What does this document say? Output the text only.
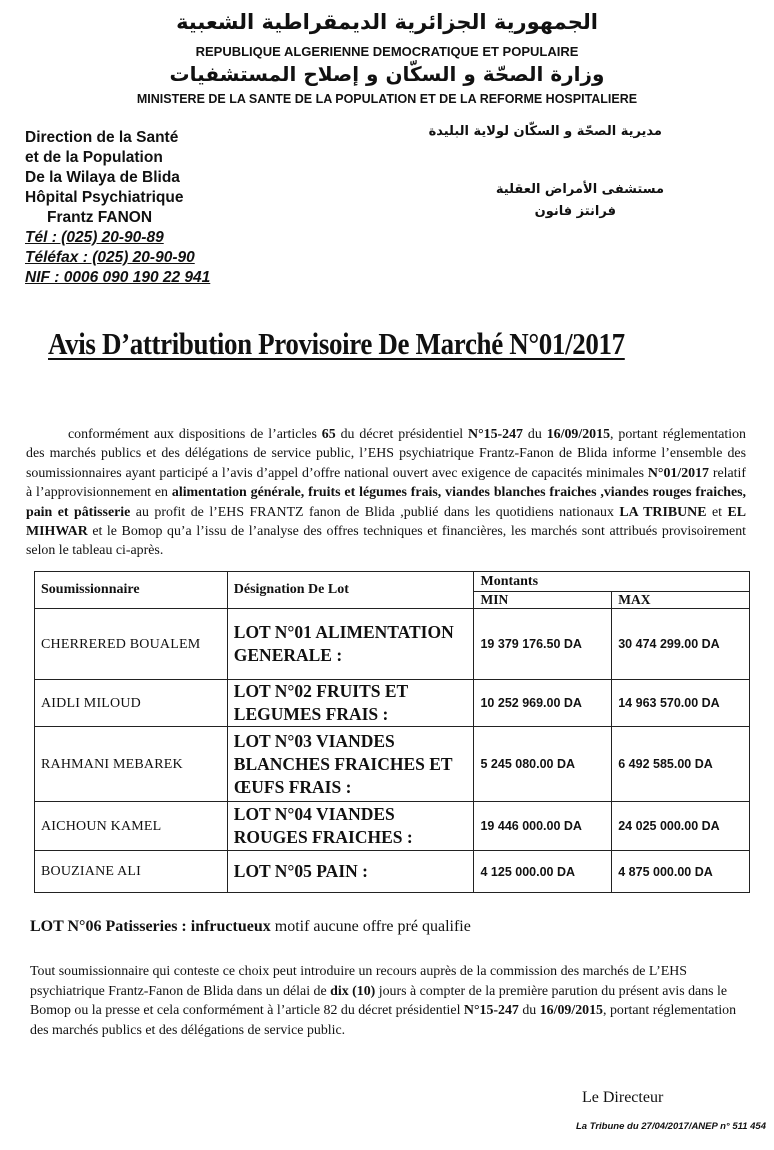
الجمهورية الجزائرية الديمقراطية الشعبية
REPUBLIQUE ALGERIENNE DEMOCRATIQUE ET POPULAIRE
وزارة الصحّة و السكّان و إصلاح المستشفيات
MINISTERE DE LA SANTE DE LA POPULATION ET DE LA REFORME HOSPITALIERE
Direction de la Santé
et de la Population
De la Wilaya de Blida
Hôpital Psychiatrique
Frantz FANON
Tél : (025) 20-90-89
Téléfax : (025) 20-90-90
NIF : 0006 090 190 22 941
مديرية الصحّة و السكّان لولاية البليدة
مستشفى الأمراض العقلية
فرانتز فانون
Avis D’attribution Provisoire De Marché N°01/2017
conformément aux dispositions de l’articles 65 du décret présidentiel N°15-247 du 16/09/2015, portant réglementation des marchés publics et des délégations de service public, l’EHS psychiatrique Frantz-Fanon de Blida informe l’ensemble des soumissionnaires ayant participé a l’avis d’appel d’offre national ouvert avec exigence de capacités minimales N°01/2017 relatif à l’approvisionnement en alimentation générale, fruits et légumes frais, viandes blanches fraiches ,viandes rouges fraiches, pain et pâtisserie au profit de l’EHS FRANTZ fanon de Blida ,publié dans les quotidiens nationaux LA TRIBUNE et EL MIHWAR et le Bomop qu’a l’issu de l’analyse des offres techniques et financières, les marchés sont attribués provisoirement selon le tableau ci-après.
Soumissionnaire	Désignation De Lot	Montants	
		MIN	MAX
CHERRERED BOUALEM	LOT N°01 ALIMENTATION GENERALE :	19 379 176.50 DA	30 474 299.00 DA
AIDLI MILOUD	LOT N°02 FRUITS ET LEGUMES FRAIS :	10 252 969.00 DA	14 963 570.00 DA
RAHMANI MEBAREK	LOT N°03 VIANDES BLANCHES FRAICHES ET ŒUFS FRAIS :	5 245 080.00 DA	6 492 585.00 DA
AICHOUN KAMEL	LOT N°04 VIANDES ROUGES FRAICHES :	19 446 000.00 DA	24 025 000.00 DA
BOUZIANE ALI	LOT N°05 PAIN :	4 125 000.00 DA	4 875 000.00 DA
LOT N°06 Patisseries : infructueux motif aucune offre pré qualifie
Tout soumissionnaire qui conteste ce choix peut introduire un recours auprès de la commission des marchés de L’EHS psychiatrique Frantz-Fanon de Blida dans un délai de dix (10) jours à compter de la première parution du présent avis dans le Bomop ou la presse et cela conformément à l’article 82 du décret présidentiel N°15-247 du 16/09/2015, portant réglementation des marchés publics et des délégations de service public.
Le Directeur
La Tribune du 27/04/2017/ANEP n° 511 454
